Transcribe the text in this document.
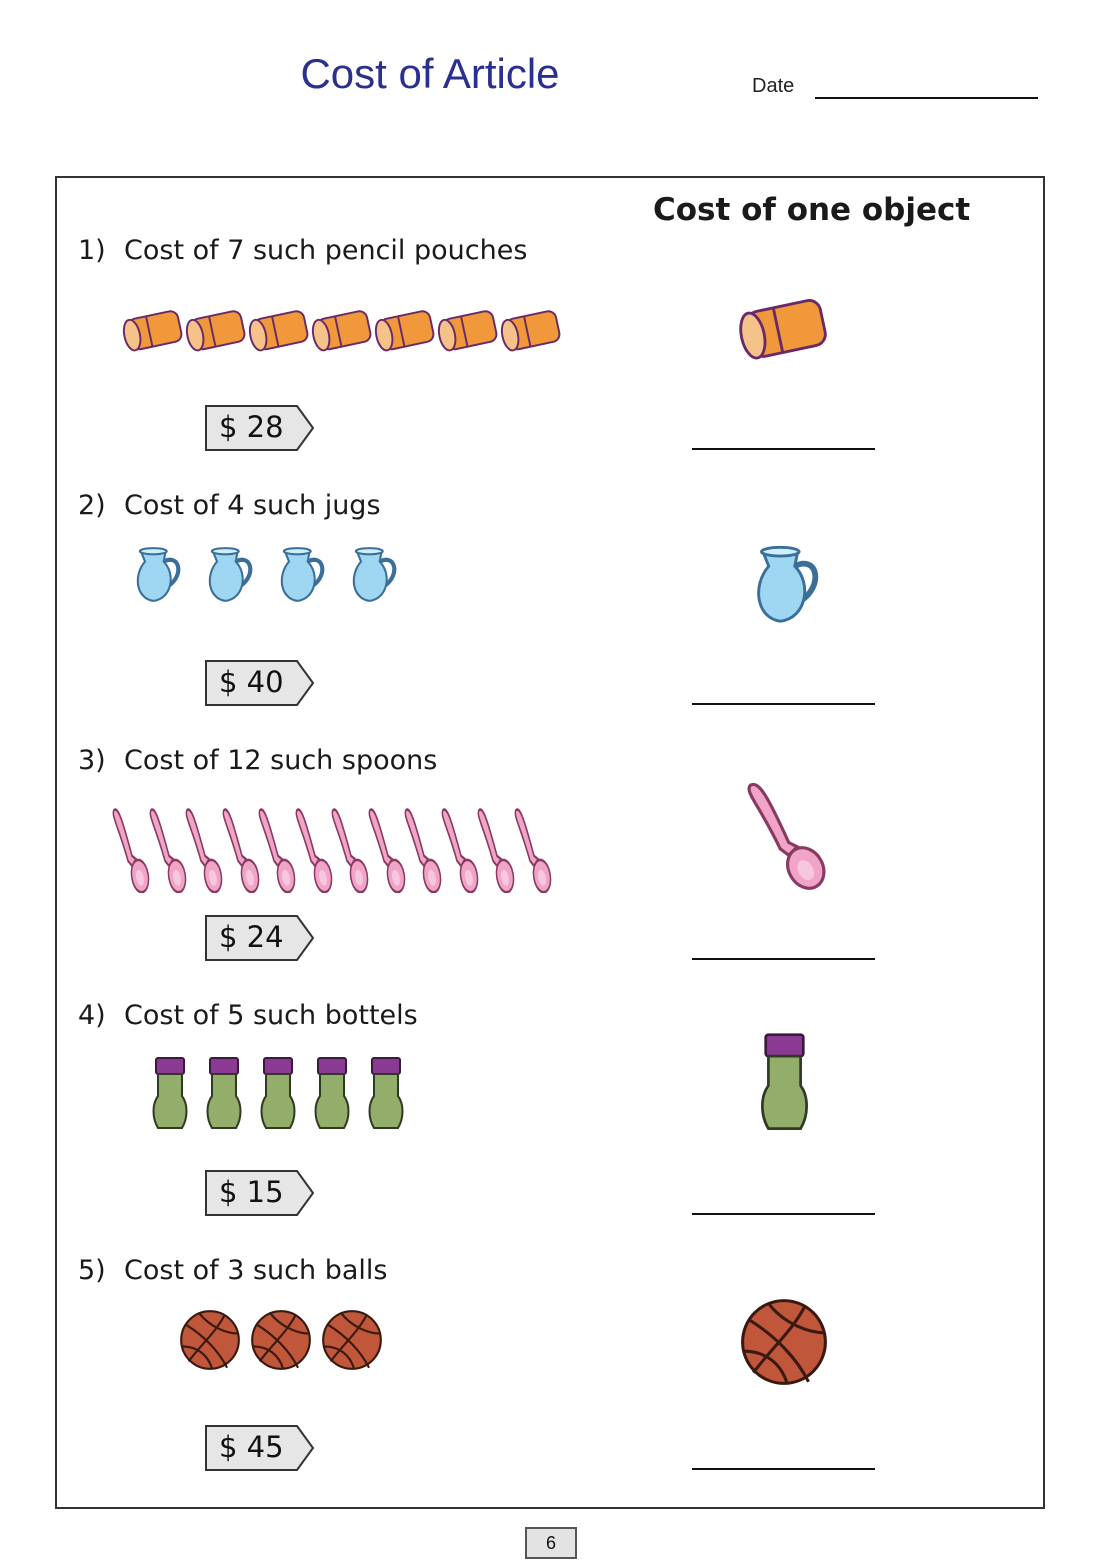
Cost of Article	Date
Cost of one object
1) Cost of 7 such pencil pouches
$ 28
2) Cost of 4 such jugs
$ 40
3) Cost of 12 such spoons
$ 24
4) Cost of 5 such bottels
$ 15
5) Cost of 3 such balls
$ 45
6
